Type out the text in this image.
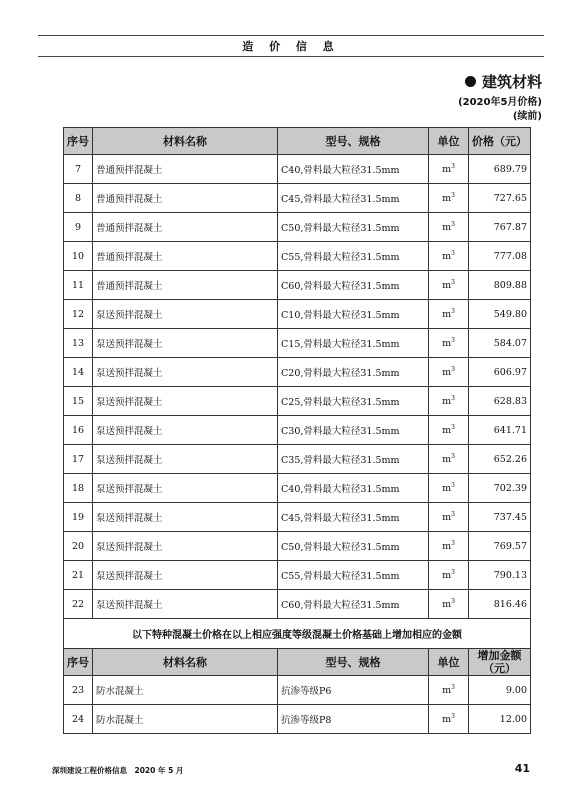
造 价 信 息
建筑材料
(2020年5月价格)
(续前)
序号	材料名称	型号、规格	单位	价格（元）
7	普通预拌混凝土	C40,骨料最大粒径31.5mm	$m^3$	689.79
8	普通预拌混凝土	C45,骨料最大粒径31.5mm	$m^3$	727.65
9	普通预拌混凝土	C50,骨料最大粒径31.5mm	$m^3$	767.87
10	普通预拌混凝土	C55,骨料最大粒径31.5mm	$m^3$	777.08
11	普通预拌混凝土	C60,骨料最大粒径31.5mm	$m^3$	809.88
12	泵送预拌混凝土	C10,骨料最大粒径31.5mm	$m^3$	549.80
13	泵送预拌混凝土	C15,骨料最大粒径31.5mm	$m^3$	584.07
14	泵送预拌混凝土	C20,骨料最大粒径31.5mm	$m^3$	606.97
15	泵送预拌混凝土	C25,骨料最大粒径31.5mm	$m^3$	628.83
16	泵送预拌混凝土	C30,骨料最大粒径31.5mm	$m^3$	641.71
17	泵送预拌混凝土	C35,骨料最大粒径31.5mm	$m^3$	652.26
18	泵送预拌混凝土	C40,骨料最大粒径31.5mm	$m^3$	702.39
19	泵送预拌混凝土	C45,骨料最大粒径31.5mm	$m^3$	737.45
20	泵送预拌混凝土	C50,骨料最大粒径31.5mm	$m^3$	769.57
21	泵送预拌混凝土	C55,骨料最大粒径31.5mm	$m^3$	790.13
22	泵送预拌混凝土	C60,骨料最大粒径31.5mm	$m^3$	816.46
以下特种混凝土价格在以上相应强度等级混凝土价格基础上增加相应的金额				
序号	材料名称	型号、规格	单位	增加金额
（元）

23	防水混凝土	抗渗等级P6	$m^3$	9.00
24	防水混凝土	抗渗等级P8	$m^3$	12.00
深圳建设工程价格信息　2020 年 5 月	41
